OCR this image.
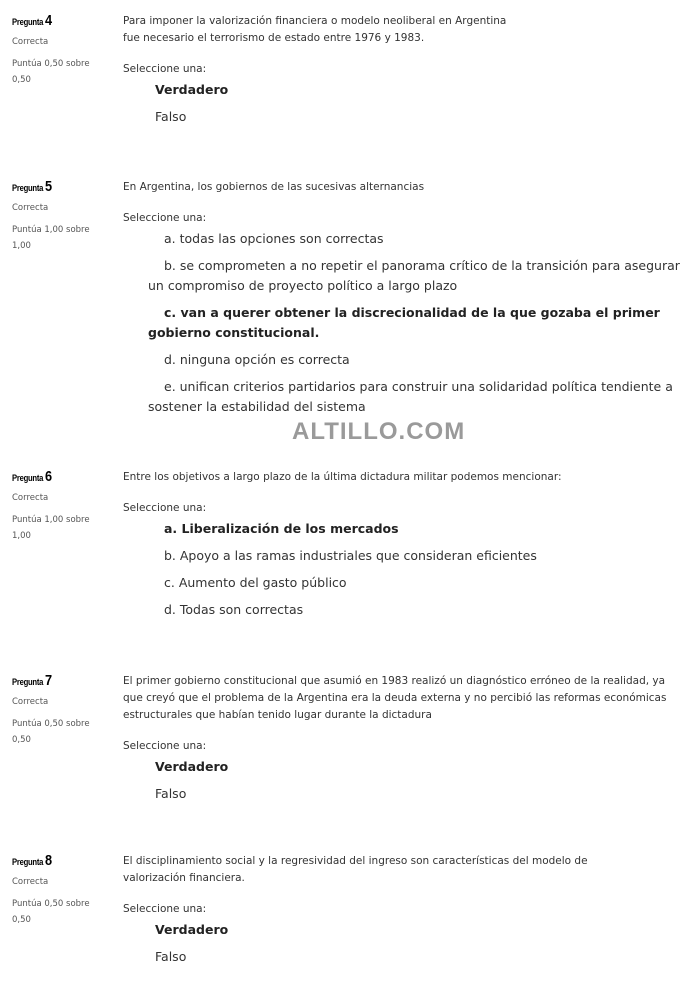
Pregunta 4
Correcta
Puntúa 0,50 sobre 0,50
Para imponer la valorización financiera o modelo neoliberal en Argentina fue necesario el terrorismo de estado entre 1976 y 1983.
Seleccione una:
Verdadero
Falso
Pregunta 5
Correcta
Puntúa 1,00 sobre 1,00
En Argentina, los gobiernos de las sucesivas alternancias
Seleccione una:
a. todas las opciones son correctas
b. se comprometen a no repetir el panorama crítico de la transición para asegurar un compromiso de proyecto político a largo plazo
c. van a querer obtener la discrecionalidad de la que gozaba el primer gobierno constitucional.
d. ninguna opción es correcta
e. unifican criterios partidarios para construir una solidaridad política tendiente a sostener la estabilidad del sistema
Pregunta 6
Correcta
Puntúa 1,00 sobre 1,00
Entre los objetivos a largo plazo de la última dictadura militar podemos mencionar:
Seleccione una:
a. Liberalización de los mercados
b. Apoyo a las ramas industriales que consideran eficientes
c. Aumento del gasto público
d. Todas son correctas
Pregunta 7
Correcta
Puntúa 0,50 sobre 0,50
El primer gobierno constitucional que asumió en 1983 realizó un diagnóstico erróneo de la realidad, ya que creyó que el problema de la Argentina era la deuda externa y no percibió las reformas económicas estructurales que habían tenido lugar durante la dictadura
Seleccione una:
Verdadero
Falso
Pregunta 8
Correcta
Puntúa 0,50 sobre 0,50
El disciplinamiento social y la regresividad del ingreso son características del modelo de valorización financiera.
Seleccione una:
Verdadero
Falso
ALTILLO.COM
